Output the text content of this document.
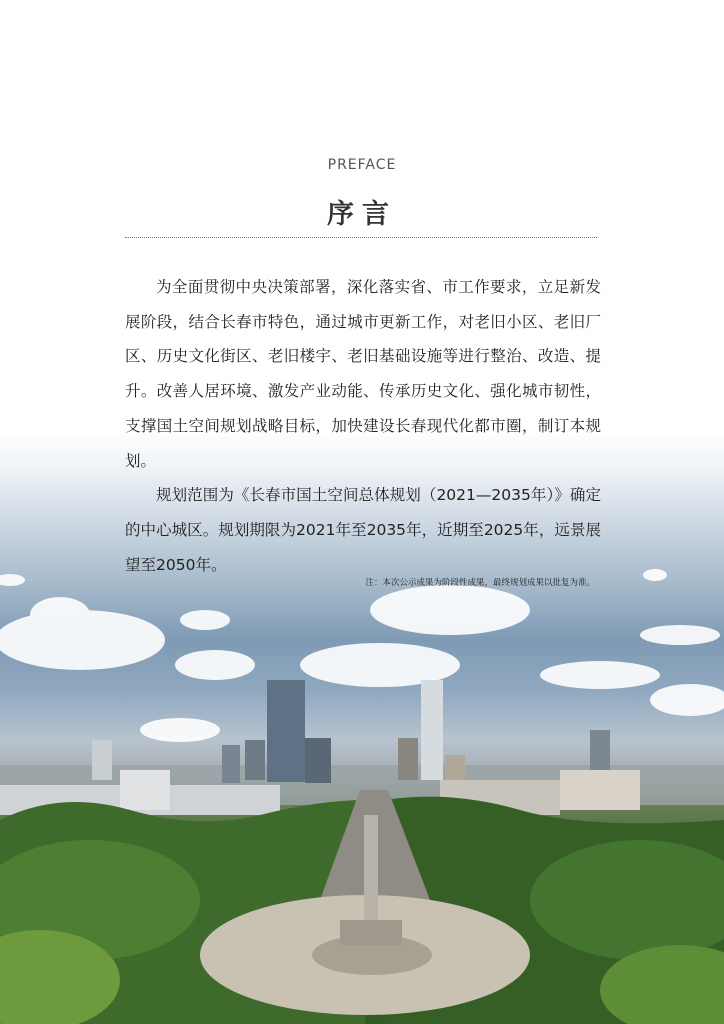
PREFACE
序言

为全面贯彻中央决策部署，深化落实省、市工作要求，立足新发展阶段，结合长春市特色，通过城市更新工作，对老旧小区、老旧厂区、历史文化街区、老旧楼宇、老旧基础设施等进行整治、改造、提升。改善人居环境、激发产业动能、传承历史文化、强化城市韧性，支撑国土空间规划战略目标，加快建设长春现代化都市圈，制订本规划。

规划范围为《长春市国土空间总体规划（2021—2035年）》确定的中心城区。规划期限为2021年至2035年，近期至2025年，远景展望至2050年。

注：本次公示成果为阶段性成果，最终规划成果以批复为准。
